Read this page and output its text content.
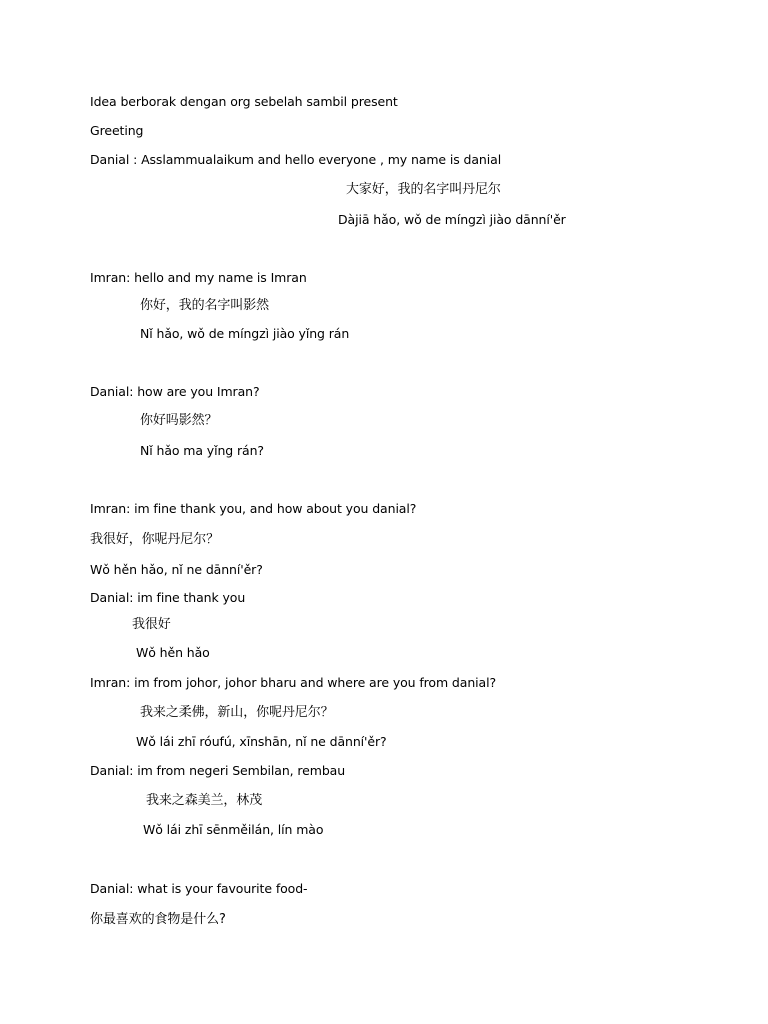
Idea berborak dengan org sebelah sambil present
Greeting
Danial : Asslammualaikum and hello everyone , my name is danial
大家好，我的名字叫丹尼尔
Dàjiā hǎo, wǒ de míngzì jiào dānní'ěr
Imran: hello and my name is Imran
你好，我的名字叫影然
Nǐ hǎo, wǒ de míngzì jiào yǐng rán
Danial: how are you Imran?
你好吗影然？
Nǐ hǎo ma yǐng rán?
Imran: im fine thank you, and how about you danial?
我很好，你呢丹尼尔？
Wǒ hěn hǎo, nǐ ne dānní'ěr?
Danial: im fine thank you
我很好
Wǒ hěn hǎo
Imran: im from johor, johor bharu and where are you from danial?
我来之柔佛，新山，你呢丹尼尔？
Wǒ lái zhī róufú, xīnshān, nǐ ne dānní'ěr?
Danial: im from negeri Sembilan, rembau
我来之森美兰，林茂
Wǒ lái zhī sēnměilán, lín mào
Danial: what is your favourite food-
你最喜欢的食物是什么?
